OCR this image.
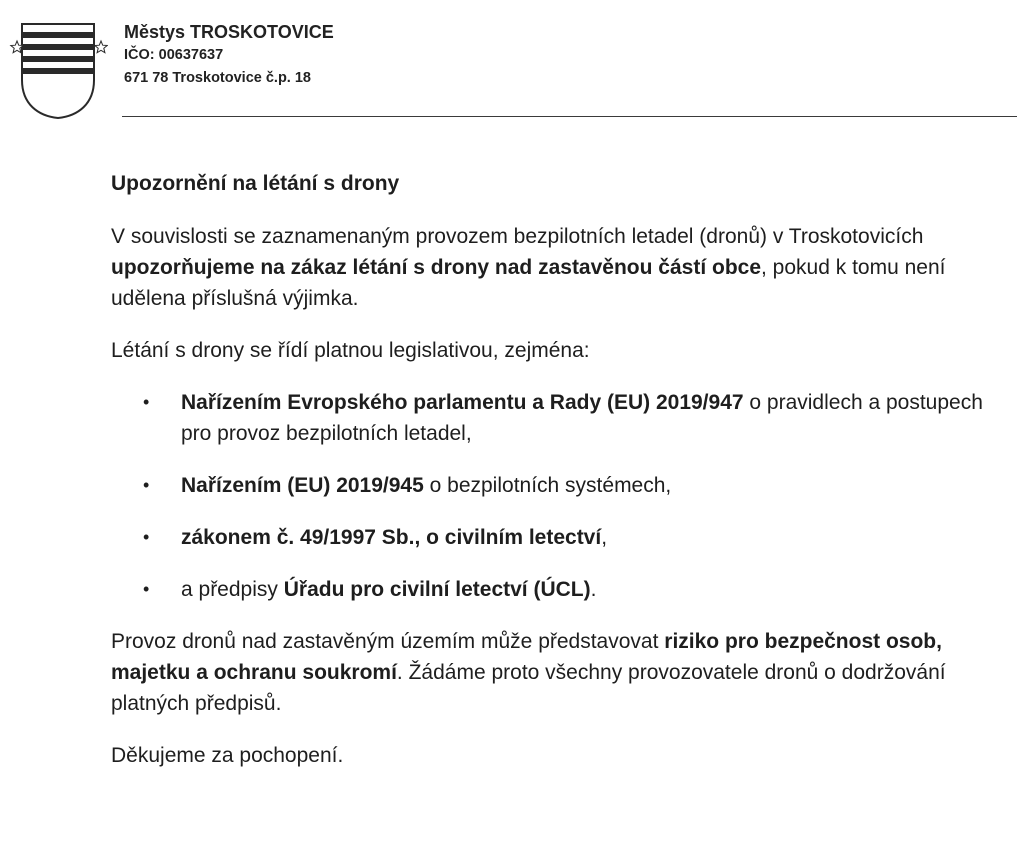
Městys TROSKOTOVICE
IČO: 00637637
671 78 Troskotovice č.p. 18
Upozornění na létání s drony

V souvislosti se zaznamenaným provozem bezpilotních letadel (dronů) v Troskotovicích upozorňujeme na zákaz létání s drony nad zastavěnou částí obce, pokud k tomu není udělena příslušná výjimka.

Létání s drony se řídí platnou legislativou, zejména:

• Nařízením Evropského parlamentu a Rady (EU) 2019/947 o pravidlech a postupech pro provoz bezpilotních letadel,
• Nařízením (EU) 2019/945 o bezpilotních systémech,
• zákonem č. 49/1997 Sb., o civilním letectví,
• a předpisy Úřadu pro civilní letectví (ÚCL).

Provoz dronů nad zastavěným územím může představovat riziko pro bezpečnost osob, majetku a ochranu soukromí. Žádáme proto všechny provozovatele dronů o dodržování platných předpisů.

Děkujeme za pochopení.
